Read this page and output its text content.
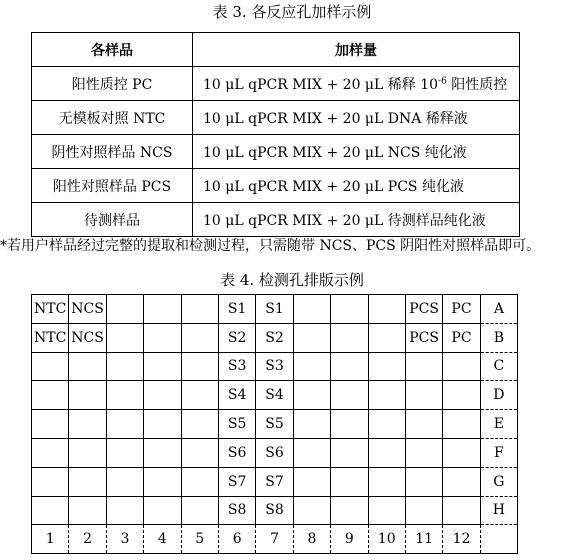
表 3. 各反应孔加样示例
各样品	加样量
阳性质控 PC	10 μL qPCR MIX + 20 μL 稀释 $10^{-6}$ 阳性质控
无模板对照 NTC	10 μL qPCR MIX + 20 μL DNA 稀释液
阴性对照样品 NCS	10 μL qPCR MIX + 20 μL NCS 纯化液
阳性对照样品 PCS	10 μL qPCR MIX + 20 μL PCS 纯化液
待测样品	10 μL qPCR MIX + 20 μL 待测样品纯化液
*若用户样品经过完整的提取和检测过程，只需随带 NCS、PCS 阴阳性对照样品即可。
表 4. 检测孔排版示例
NTC	NCS				S1	S1				PCS	PC	A
NTC	NCS				S2	S2				PCS	PC	B
					S3	S3						C
					S4	S4						D
					S5	S5						E
					S6	S6						F
					S7	S7						G
					S8	S8						H
1	2	3	4	5	6	7	8	9	10	11	12	
